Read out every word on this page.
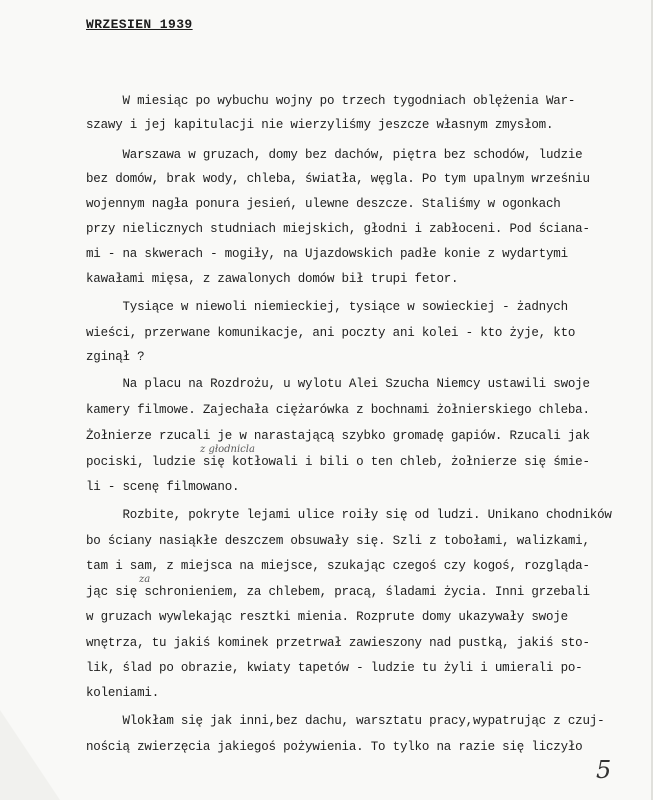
WRZESIEN 1939
W miesiąc po wybuchu wojny po trzech tygodniach oblężenia War-
szawy i jej kapitulacji nie wierzyliśmy jeszcze własnym zmysłom.
Warszawa w gruzach, domy bez dachów, piętra bez schodów, ludzie
bez domów, brak wody, chleba, światła, węgla. Po tym upalnym wrześniu
wojennym nagła ponura jesień, ulewne deszcze. Staliśmy w ogonkach
przy nielicznych studniach miejskich, głodni i zabłoceni. Pod ściana-
mi - na skwerach - mogiły, na Ujazdowskich padłe konie z wydartymi
kawałami mięsa, z zawalonych domów bił trupi fetor.
Tysiące w niewoli niemieckiej, tysiące w sowieckiej - żadnych
wieści, przerwane komunikacje, ani poczty ani kolei - kto żyje, kto
zginął ?
Na placu na Rozdrożu, u wylotu Alei Szucha Niemcy ustawili swoje
kamery filmowe. Zajechała ciężarówka z bochnami żołnierskiego chleba.
Żołnierze rzucali je w narastającą szybko gromadę gapiów. Rzucali jak
pociski, ludzie się kotłowali i bili o ten chleb, żołnierze się śmie-
li - scenę filmowano.
Rozbite, pokryte lejami ulice roiły się od ludzi. Unikano chodników
bo ściany nasiąkłe deszczem obsuwały się. Szli z tobołami, walizkami,
tam i sam, z miejsca na miejsce, szukając czegoś czy kogoś, rozgląda-
jąc się schronieniem, za chlebem, pracą, śladami życia. Inni grzebali
w gruzach wywlekając resztki mienia. Rozprute domy ukazywały swoje
wnętrza, tu jakiś kominek przetrwał zawieszony nad pustką, jakiś sto-
lik, ślad po obrazie, kwiaty tapetów - ludzie tu żyli i umierali po-
koleniami.
Wlokłam się jak inni,bez dachu, warsztatu pracy,wypatrując z czuj-
nością zwierzęcia jakiegoś pożywienia. To tylko na razie się liczyło
z głodnicla
za
5
